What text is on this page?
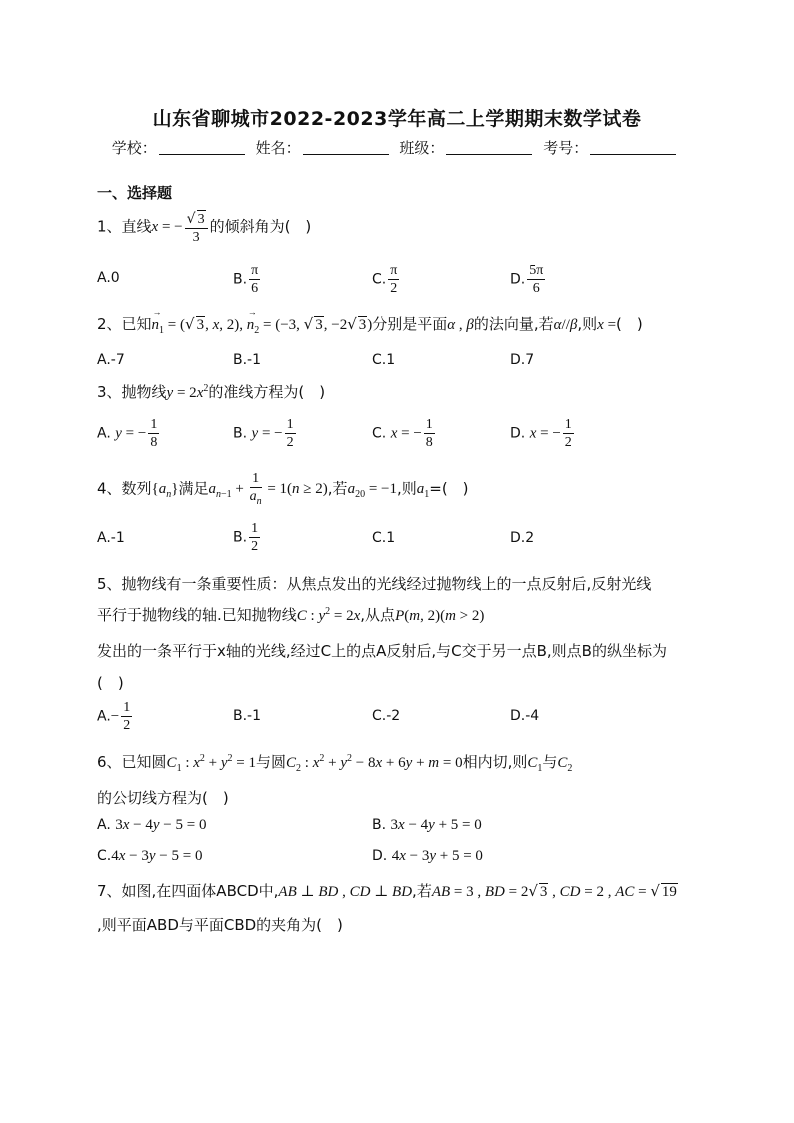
山东省聊城市2022-2023学年高二上学期期末数学试卷
学校：	姓名：	班级：	考号：
一、选择题
1、直线x = − $\frac{√ 3}{3}$ 的倾斜角为(　)
A.0	B. $\frac{\pi}{6}$	C. $\frac{\pi}{2}$	D. $\frac{5\pi}{6}$
2、已知$n_1$
→
= (√ 3, x, 2), $n_2$
→
= (−3, √ 3, −2√ 3)分别是平面α , β的法向量,若α//β,则x =(　)
A.-7	B.-1	C.1	D.7
3、抛物线$y = 2x^2$的准线方程为(　)
A. y = − $\frac{1}{8}$	B. y = − $\frac{1}{2}$	C. x = − $\frac{1}{8}$	D. x = − $\frac{1}{2}$
4、数列$\{a_n\}$满足$a_{n-1} + \frac{1}{a_n} = 1(n \ge 2)$,若$a_{20} = -1$,则$a_1=$(　)
A.-1	B. $\frac{1}{2}$	C.1	D.2
5、抛物线有一条重要性质：从焦点发出的光线经过抛物线上的一点反射后,反射光线
平行于抛物线的轴.已知抛物线C : $y^2 = 2x$,从点P(m, 2)(m > 2)
发出的一条平行于x轴的光线,经过C上的点A反射后,与C交于另一点B,则点B的纵坐标为
(　)
$A.- \frac{1}{2}$	B.-1	C.-2	D.-4
6、已知圆$C_1$ : $x^2 + y^2 = 1$与圆$C_2$ : $x^2 + y^2 - 8x + 6y + m = 0$相内切,则$C_1$与$C_2$
的公切线方程为(　)
A. 3x − 4y − 5 = 0	B. 3x − 4y + 5 = 0
C.4x − 3y − 5 = 0	D. 4x − 3y + 5 = 0
7、如图,在四面体ABCD中,AB ⊥ BD , CD ⊥ BD,若AB = 3 , BD = 2√ 3 , CD = 2 , AC = √ 19
,则平面ABD与平面CBD的夹角为(　)
